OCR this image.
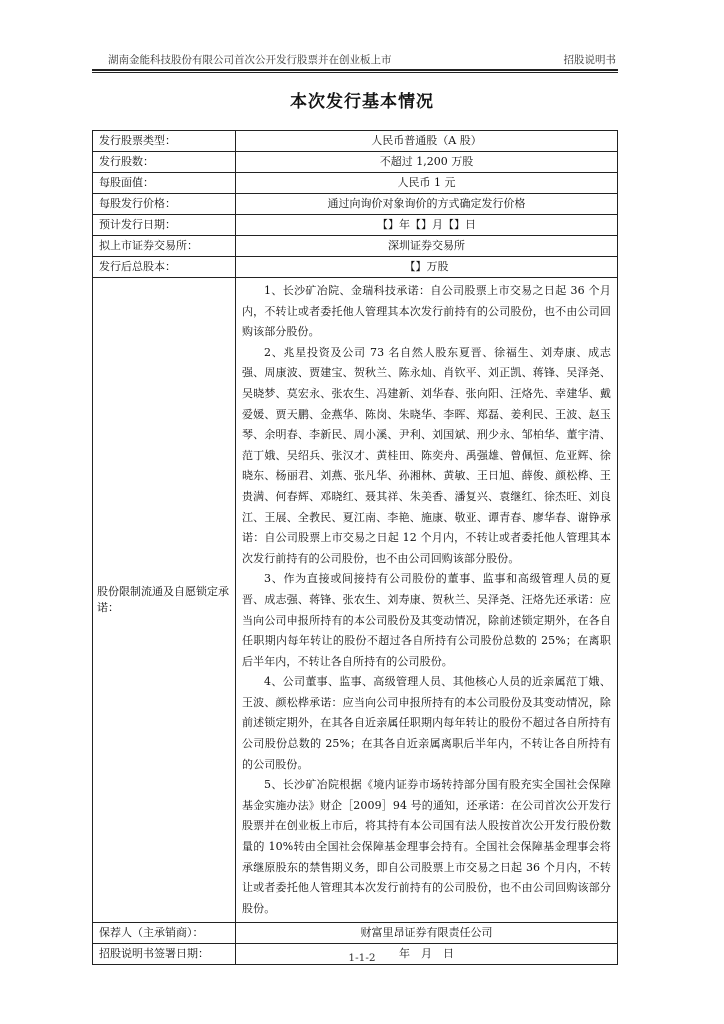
湖南金能科技股份有限公司首次公开发行股票并在创业板上市	招股说明书
本次发行基本情况
发行股票类型：	人民币普通股（A 股）
发行股数：	不超过 1,200 万股
每股面值：	人民币 1 元
每股发行价格：	通过向询价对象询价的方式确定发行价格
预计发行日期：	【】年【】月【】日
拟上市证券交易所：	深圳证券交易所
发行后总股本：	【】万股
股份限制流通及自愿锁定承诺：	1、长沙矿冶院、金瑞科技承诺：自公司股票上市交易之日起 36 个月内，不转让或者委托他人管理其本次发行前持有的公司股份，也不由公司回购该部分股份。

2、兆星投资及公司 73 名自然人股东夏晋、徐福生、刘寿康、成志强、周康波、贾建宝、贺秋兰、陈永灿、肖钦平、刘正凯、蒋锋、吴泽尧、吴晓梦、莫宏永、张农生、冯建新、刘华春、张向阳、汪烙先、幸建华、戴爱媛、贾天鹏、金燕华、陈岗、朱晓华、李晖、郑磊、姜利民、王波、赵玉琴、余明春、李新民、周小溪、尹利、刘国斌、刑少永、邹柏华、董宇清、范丁娥、吴绍兵、张汉才、黄桂田、陈奕舟、禹强雄、曾佩恒、危亚辉、徐晓东、杨丽君、刘燕、张凡华、孙湘林、黄敏、王日旭、薛俊、颜松桦、王贵满、何春辉、邓晓红、聂其祥、朱美香、潘复兴、袁继红、徐杰旺、刘良江、王展、全教民、夏江南、李艳、施康、敬亚、谭青春、廖华春、谢铮承诺：自公司股票上市交易之日起 12 个月内，不转让或者委托他人管理其本次发行前持有的公司股份，也不由公司回购该部分股份。

3、作为直接或间接持有公司股份的董事、监事和高级管理人员的夏晋、成志强、蒋锋、张农生、刘寿康、贺秋兰、吴泽尧、汪烙先还承诺：应当向公司申报所持有的本公司股份及其变动情况，除前述锁定期外，在各自任职期内每年转让的股份不超过各自所持有公司股份总数的 25%；在离职后半年内，不转让各自所持有的公司股份。

4、公司董事、监事、高级管理人员、其他核心人员的近亲属范丁娥、王波、颜松桦承诺：应当向公司申报所持有的本公司股份及其变动情况，除前述锁定期外，在其各自近亲属任职期内每年转让的股份不超过各自所持有公司股份总数的 25%；在其各自近亲属离职后半年内，不转让各自所持有的公司股份。

5、长沙矿冶院根据《境内证券市场转持部分国有股充实全国社会保障基金实施办法》财企［2009］94 号的通知，还承诺：在公司首次公开发行股票并在创业板上市后，将其持有本公司国有法人股按首次公开发行股份数量的 10%转由全国社会保障基金理事会持有。全国社会保障基金理事会将承继原股东的禁售期义务，即自公司股票上市交易之日起 36 个月内，不转让或者委托他人管理其本次发行前持有的公司股份，也不由公司回购该部分股份。

保荐人（主承销商）：	财富里昂证券有限责任公司
招股说明书签署日期：	年　月　日
1-1-2
